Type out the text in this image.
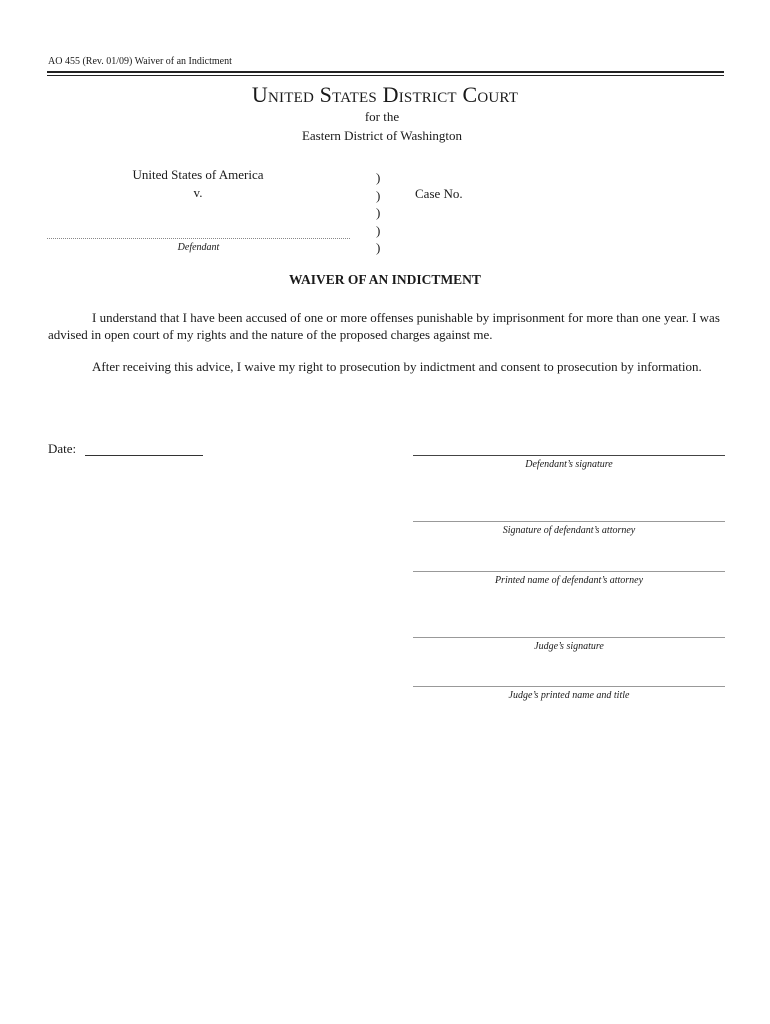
AO 455 (Rev. 01/09) Waiver of an Indictment
United States District Court
for the
Eastern District of Washington
United States of America
v.
)
)
)
)
)
Case No.
Defendant
WAIVER OF AN INDICTMENT

I understand that I have been accused of one or more offenses punishable by imprisonment for more than one year. I was advised in open court of my rights and the nature of the proposed charges against me.

After receiving this advice, I waive my right to prosecution by indictment and consent to prosecution by information.

Date:
Defendant’s signature
Signature of defendant’s attorney
Printed name of defendant’s attorney
Judge’s signature
Judge’s printed name and title
